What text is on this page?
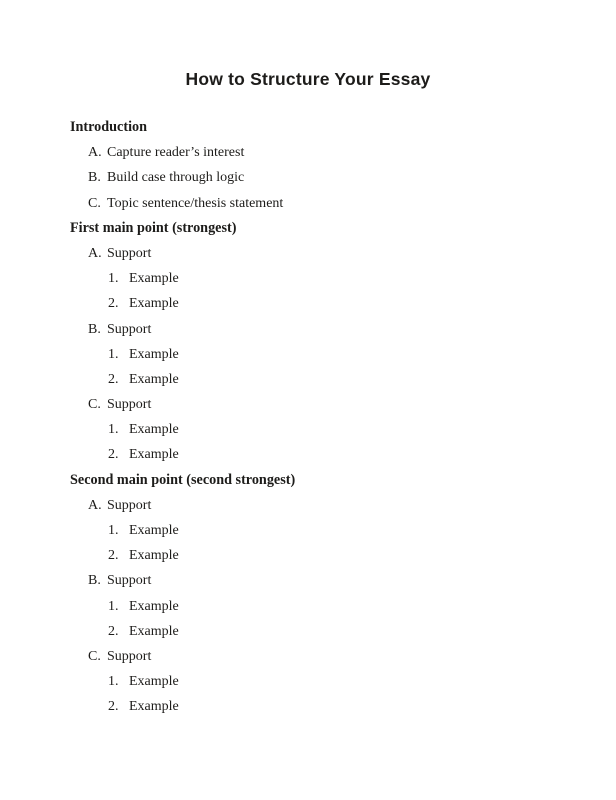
How to Structure Your Essay
Introduction
A. Capture reader’s interest
B. Build case through logic
C. Topic sentence/thesis statement
First main point (strongest)
A. Support
1. Example
2. Example
B. Support
1. Example
2. Example
C. Support
1. Example
2. Example
Second main point (second strongest)
A. Support
1. Example
2. Example
B. Support
1. Example
2. Example
C. Support
1. Example
2. Example
